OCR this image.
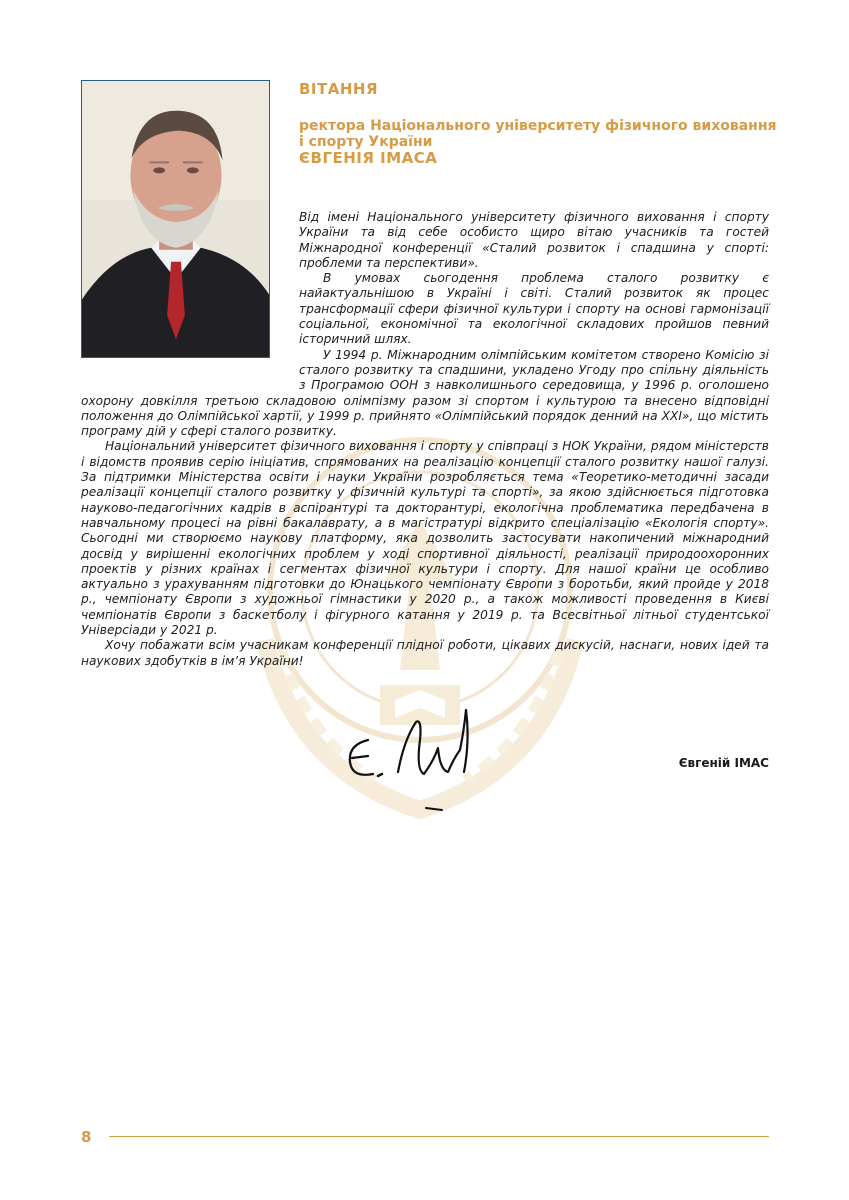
ВІТАННЯ
ректора Національного університету фізичного виховання
і спорту України
ЄВГЕНІЯ ІМАСА

Від імені Національного університету фізичного виховання і спорту України та від себе особисто щиро вітаю учасників та гостей Міжнародної конференції «Сталий розвиток і спадшина у спорті: проблеми та перспективи».

В умовах сьогодення проблема сталого розвитку є найактуальнішою в Україні і світі. Сталий розвиток як процес трансформації сфери фізичної культури і спорту на основі гармонізації соціальної, економічної та екологічної складових пройшов певний історичний шлях.

У 1994 р. Міжнародним олімпійським комітетом створено Комісію зі сталого розвитку та спадшини, укладено Угоду про спільну діяльність з Програмою ООН з навколишнього середовища, у 1996 р. оголошено охорону довкілля третьою складовою олімпізму разом зі спортом і культурою та внесено відповідні положення до Олімпійської хартії, у 1999 р. прийнято «Олімпійський порядок денний на XXI», що містить програму дій у сфері сталого розвитку.

Національний університет фізичного виховання і спорту у співпраці з НОК України, рядом міністерств і відомств проявив серію ініціатив, спрямованих на реалізацію концепції сталого розвитку нашої галузі. За підтримки Міністерства освіти і науки України розробляється тема «Теоретико-методичні засади реалізації концепції сталого розвитку у фізичній культурі та спорті», за якою здійснюється підготовка науково-педагогічних кадрів в аспірантурі та докторантурі, екологічна проблематика передбачена в навчальному процесі на рівні бакалаврату, а в магістратурі відкрито спеціалізацію «Екологія спорту». Сьогодні ми створюємо наукову платформу, яка дозволить застосувати накопичений міжнародний досвід у вирішенні екологічних проблем у ході спортивної діяльності, реалізації природоохоронних проектів у різних країнах і сегментах фізичної культури і спорту. Для нашої країни це особливо актуально з урахуванням підготовки до Юнацького чемпіонату Європи з боротьби, який пройде у 2018 р., чемпіонату Європи з художньої гімнастики у 2020 р., а також можливості проведення в Києві чемпіонатів Європи з баскетболу і фігурного катання у 2019 р. та Всесвітньої літньої студентської Універсіади у 2021 р.

Хочу побажати всім учасникам конференції плідної роботи, цікавих дискусій, наснаги, нових ідей та наукових здобутків в ім’я України!

Євгеній ІМАС
8
